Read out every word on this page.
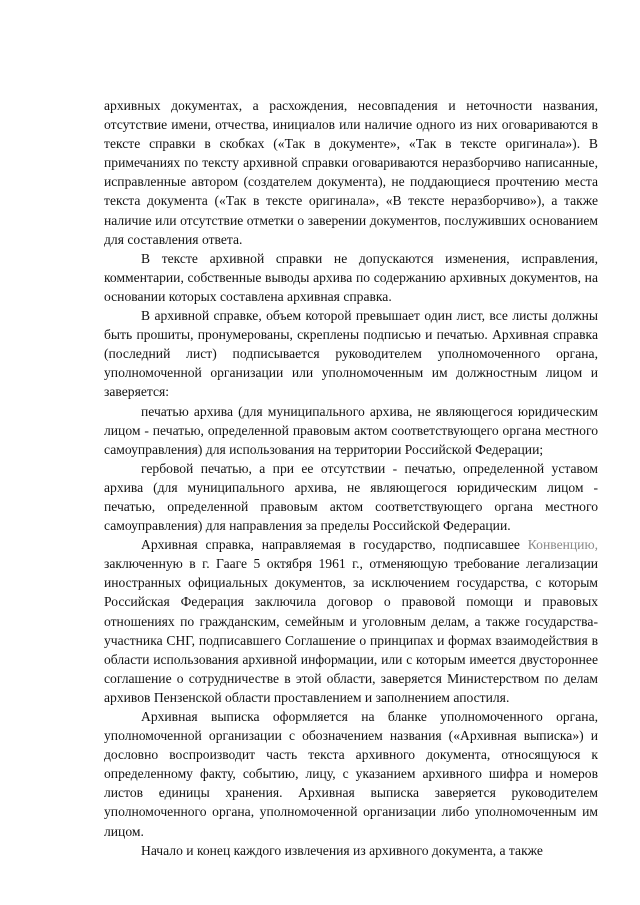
архивных документах, а расхождения, несовпадения и неточности названия, отсутствие имени, отчества, инициалов или наличие одного из них оговариваются в тексте справки в скобках («Так в документе», «Так в тексте оригинала»). В примечаниях по тексту архивной справки оговариваются неразборчиво написанные, исправленные автором (создателем документа), не поддающиеся прочтению места текста документа («Так в тексте оригинала», «В тексте неразборчиво»), а также наличие или отсутствие отметки о заверении документов, послуживших основанием для составления ответа.

В тексте архивной справки не допускаются изменения, исправления, комментарии, собственные выводы архива по содержанию архивных документов, на основании которых составлена архивная справка.

В архивной справке, объем которой превышает один лист, все листы должны быть прошиты, пронумерованы, скреплены подписью и печатью. Архивная справка (последний лист) подписывается руководителем уполномоченного органа, уполномоченной организации или уполномоченным им должностным лицом и заверяется:

печатью архива (для муниципального архива, не являющегося юридическим лицом - печатью, определенной правовым актом соответствующего органа местного самоуправления) для использования на территории Российской Федерации;

гербовой печатью, а при ее отсутствии - печатью, определенной уставом архива (для муниципального архива, не являющегося юридическим лицом - печатью, определенной правовым актом соответствующего органа местного самоуправления) для направления за пределы Российской Федерации.

Архивная справка, направляемая в государство, подписавшее Конвенцию, заключенную в г. Гааге 5 октября 1961 г., отменяющую требование легализации иностранных официальных документов, за исключением государства, с которым Российская Федерация заключила договор о правовой помощи и правовых отношениях по гражданским, семейным и уголовным делам, а также государства-участника СНГ, подписавшего Соглашение о принципах и формах взаимодействия в области использования архивной информации, или с которым имеется двустороннее соглашение о сотрудничестве в этой области, заверяется Министерством по делам архивов Пензенской области проставлением и заполнением апостиля.

Архивная выписка оформляется на бланке уполномоченного органа, уполномоченной организации с обозначением названия («Архивная выписка») и дословно воспроизводит часть текста архивного документа, относящуюся к определенному факту, событию, лицу, с указанием архивного шифра и номеров листов единицы хранения. Архивная выписка заверяется руководителем уполномоченного органа, уполномоченной организации либо уполномоченным им лицом.

Начало и конец каждого извлечения из архивного документа, а также
